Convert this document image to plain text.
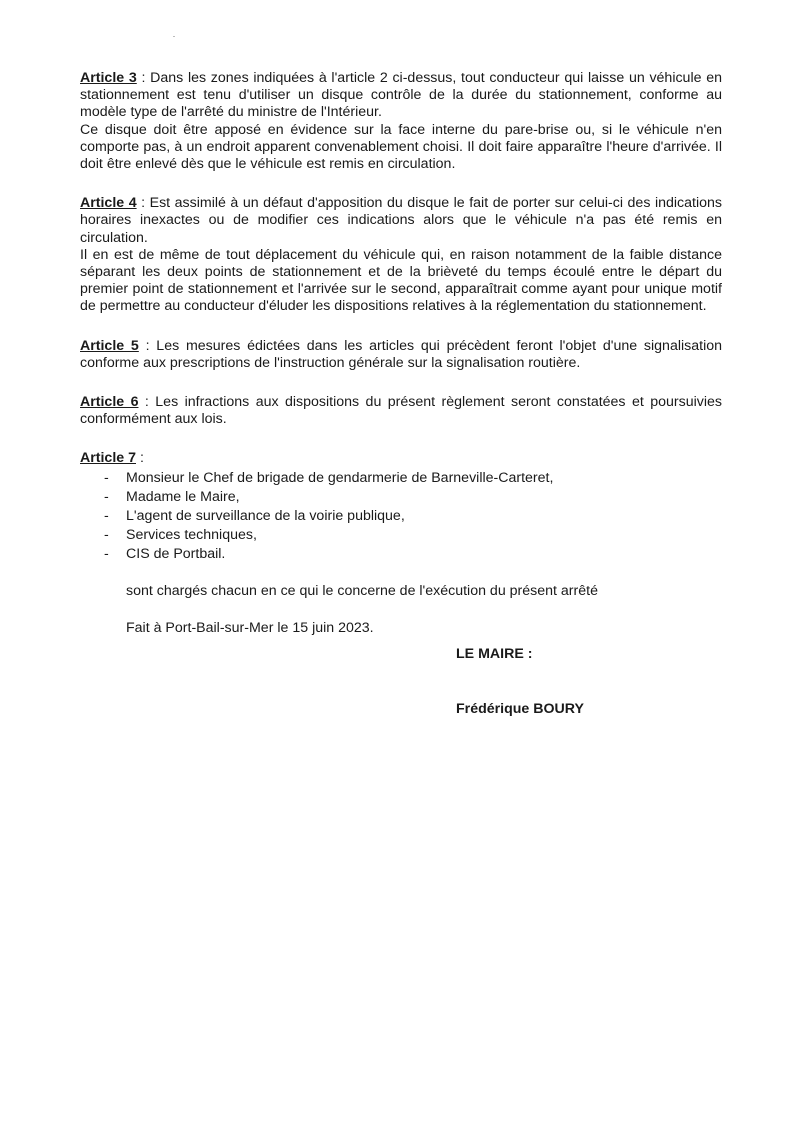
Article 3 : Dans les zones indiquées à l'article 2 ci-dessus, tout conducteur qui laisse un véhicule en stationnement est tenu d'utiliser un disque contrôle de la durée du stationnement, conforme au modèle type de l'arrêté du ministre de l'Intérieur.

Ce disque doit être apposé en évidence sur la face interne du pare-brise ou, si le véhicule n'en comporte pas, à un endroit apparent convenablement choisi. Il doit faire apparaître l'heure d'arrivée. Il doit être enlevé dès que le véhicule est remis en circulation.

Article 4 : Est assimilé à un défaut d'apposition du disque le fait de porter sur celui-ci des indications horaires inexactes ou de modifier ces indications alors que le véhicule n'a pas été remis en circulation.

Il en est de même de tout déplacement du véhicule qui, en raison notamment de la faible distance séparant les deux points de stationnement et de la brièveté du temps écoulé entre le départ du premier point de stationnement et l'arrivée sur le second, apparaîtrait comme ayant pour unique motif de permettre au conducteur d'éluder les dispositions relatives à la réglementation du stationnement.

Article 5 : Les mesures édictées dans les articles qui précèdent feront l'objet d'une signalisation conforme aux prescriptions de l'instruction générale sur la signalisation routière.

Article 6 : Les infractions aux dispositions du présent règlement seront constatées et poursuivies conformément aux lois.

Article 7 :

- Monsieur le Chef de brigade de gendarmerie de Barneville-Carteret,
- Madame le Maire,
- L'agent de surveillance de la voirie publique,
- Services techniques,
- CIS de Portbail.

sont chargés chacun en ce qui le concerne de l'exécution du présent arrêté

Fait à Port-Bail-sur-Mer le 15 juin 2023.

LE MAIRE :
Frédérique BOURY
